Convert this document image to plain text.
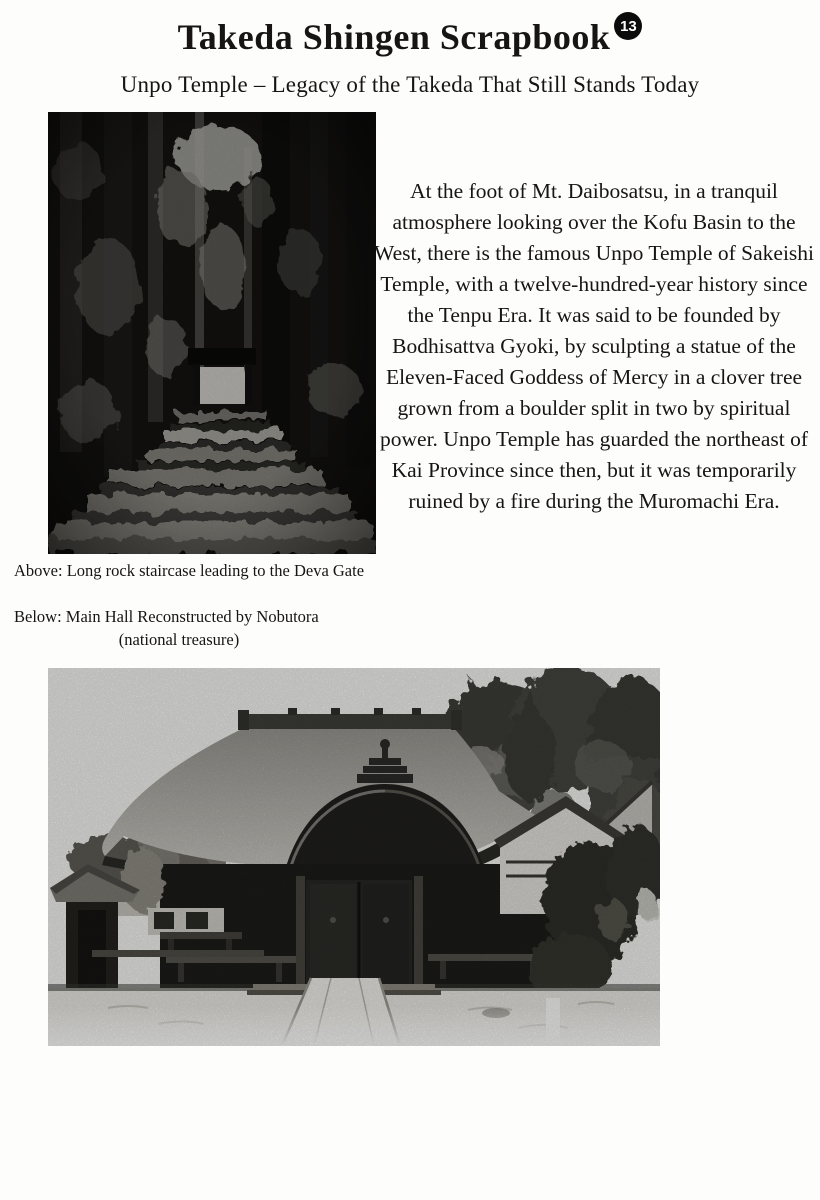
Takeda Shingen Scrapbook 13
Unpo Temple – Legacy of the Takeda That Still Stands Today

At the foot of Mt. Daibosatsu, in a tranquil atmosphere looking over the Kofu Basin to the West, there is the famous Unpo Temple of Sakeishi Temple, with a twelve-hundred-year history since the Tenpu Era. It was said to be founded by Bodhisattva Gyoki, by sculpting a statue of the Eleven-Faced Goddess of Mercy in a clover tree grown from a boulder split in two by spiritual power. Unpo Temple has guarded the northeast of Kai Province since then, but it was temporarily ruined by a fire during the Muromachi Era.

Above: Long rock staircase leading to the Deva Gate

Below: Main Hall Reconstructed by Nobutora

(national treasure)
